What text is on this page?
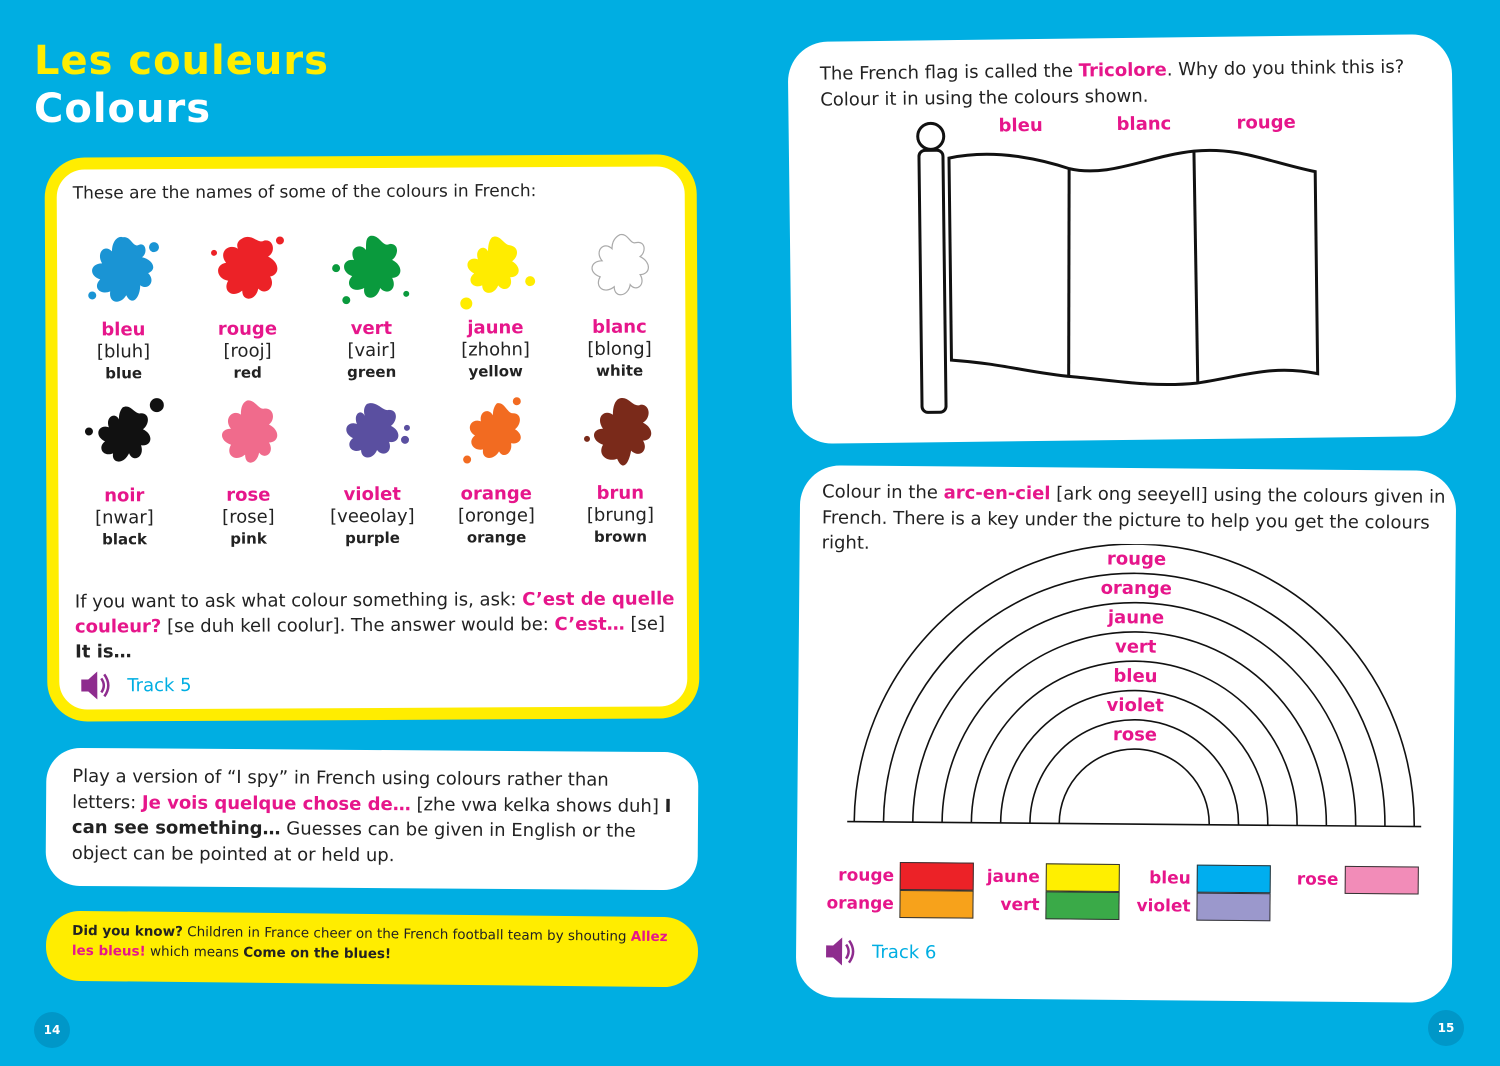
Les couleurs
Colours
These are the names of some of the colours in French:
bleu
[bluh]
blue
rouge
[rooj]
red
vert
[vair]
green
jaune
[zhohn]
yellow
blanc
[blong]
white
noir
[nwar]
black
rose
[rose]
pink
violet
[veeolay]
purple
orange
[oronge]
orange
brun
[brung]
brown
If you want to ask what colour something is, ask: C’est de quelle couleur? [se duh kell coolur]. The answer would be: C’est… [se]
It is…
Track 5
Play a version of “I spy” in French using colours rather than letters: Je vois quelque chose de… [zhe vwa kelka shows duh] I can see something… Guesses can be given in English or the object can be pointed at or held up.
Did you know? Children in France cheer on the French football team by shouting Allez les bleus! which means Come on the blues!
14	15
The French flag is called the Tricolore. Why do you think this is?
Colour it in using the colours shown.
bleu	blanc	rouge
Colour in the arc-en-ciel [ark ong seeyell] using the colours given in French. There is a key under the picture to help you get the colours right.
rouge
orange
jaune
vert
bleu
violet
rose
rouge
orange
jaune
vert
bleu
violet
rose
Track 6
